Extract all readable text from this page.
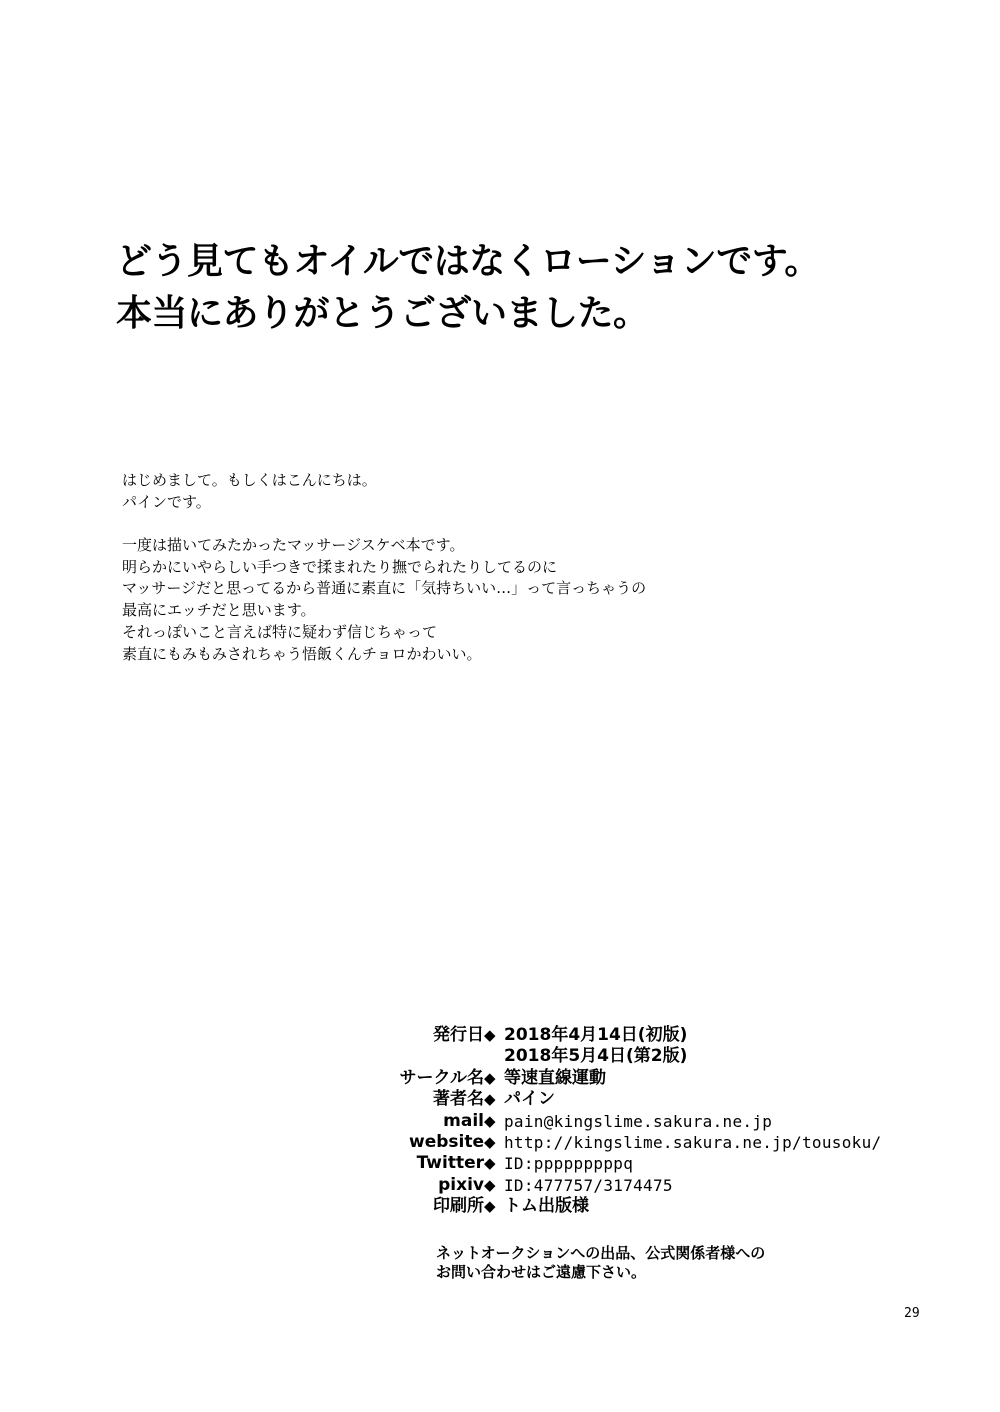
どう見てもオイルではなくローションです。
本当にありがとうございました。
はじめまして。もしくはこんにちは。
パインです。
一度は描いてみたかったマッサージスケベ本です。
明らかにいやらしい手つきで揉まれたり撫でられたりしてるのに
マッサージだと思ってるから普通に素直に「気持ちいい…」って言っちゃうの
最高にエッチだと思います。
それっぽいこと言えば特に疑わず信じちゃって
素直にもみもみされちゃう悟飯くんチョロかわいい。
発行日 ◆ 2018年4月14日(初版)
2018年5月4日(第2版)
サークル名 ◆ 等速直線運動
著者名 ◆ パイン
mail ◆ pain@kingslime.sakura.ne.jp
website ◆ http://kingslime.sakura.ne.jp/tousoku/
Twitter ◆ ID:pppppppppq
pixiv ◆ ID:477757/3174475
印刷所 ◆ トム出版様
ネットオークションへの出品、公式関係者様への
お問い合わせはご遠慮下さい。
29
